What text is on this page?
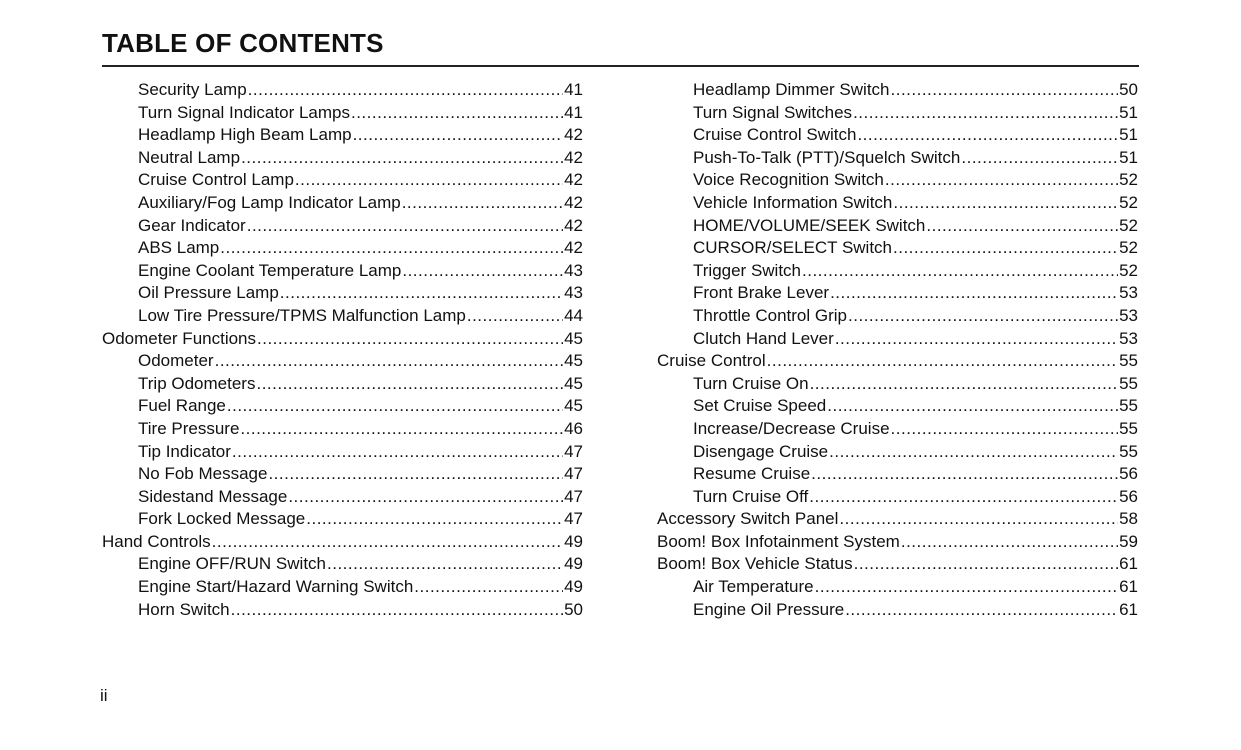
TABLE OF CONTENTS
Security Lamp .....	41
Turn Signal Indicator Lamps .....	41
Headlamp High Beam Lamp .....	42
Neutral Lamp .....	42
Cruise Control Lamp .....	42
Auxiliary/Fog Lamp Indicator Lamp .....	42
Gear Indicator .....	42
ABS Lamp .....	42
Engine Coolant Temperature Lamp .....	43
Oil Pressure Lamp .....	43
Low Tire Pressure/TPMS Malfunction Lamp .....	44
Odometer Functions .....	45
Odometer .....	45
Trip Odometers .....	45
Fuel Range .....	45
Tire Pressure .....	46
Tip Indicator .....	47
No Fob Message .....	47
Sidestand Message .....	47
Fork Locked Message .....	47
Hand Controls .....	49
Engine OFF/RUN Switch .....	49
Engine Start/Hazard Warning Switch .....	49
Horn Switch .....	50
Headlamp Dimmer Switch .....	50
Turn Signal Switches .....	51
Cruise Control Switch .....	51
Push-To-Talk (PTT)/Squelch Switch .....	51
Voice Recognition Switch .....	52
Vehicle Information Switch .....	52
HOME/VOLUME/SEEK Switch .....	52
CURSOR/SELECT Switch .....	52
Trigger Switch .....	52
Front Brake Lever .....	53
Throttle Control Grip .....	53
Clutch Hand Lever .....	53
Cruise Control .....	55
Turn Cruise On .....	55
Set Cruise Speed .....	55
Increase/Decrease Cruise .....	55
Disengage Cruise .....	55
Resume Cruise .....	56
Turn Cruise Off .....	56
Accessory Switch Panel .....	58
Boom! Box Infotainment System .....	59
Boom! Box Vehicle Status .....	61
Air Temperature .....	61
Engine Oil Pressure .....	61
ii
